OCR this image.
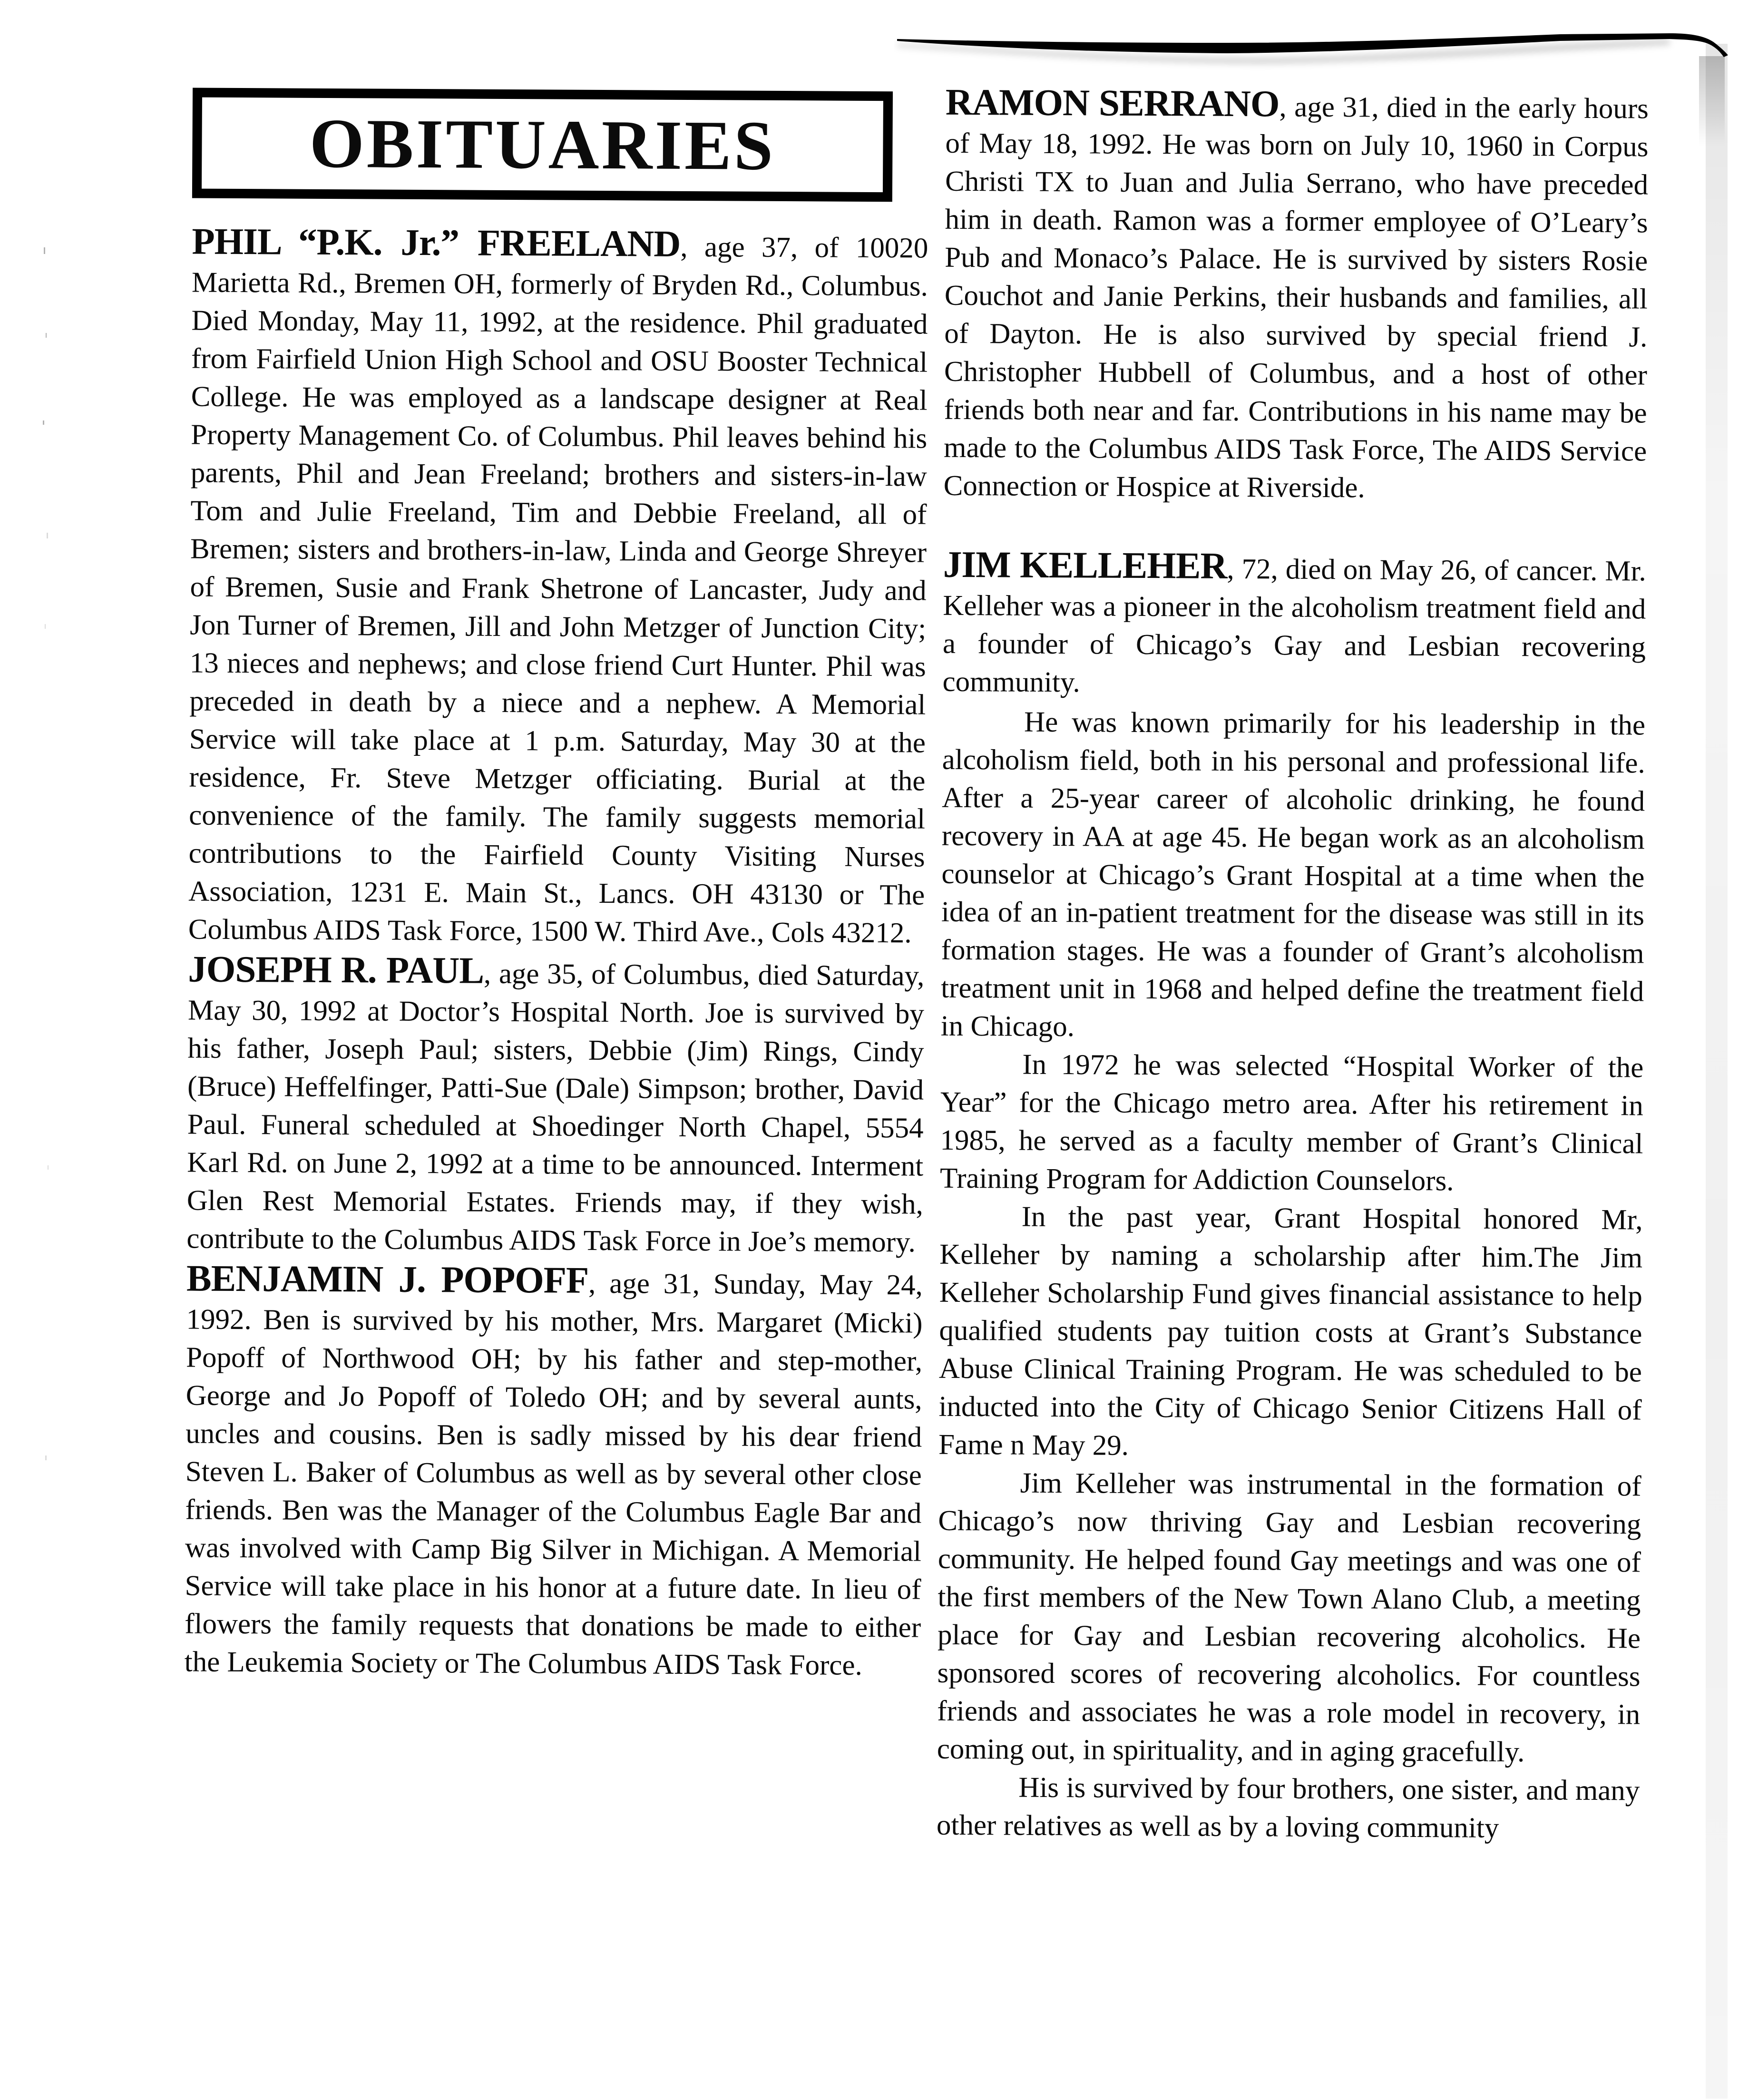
OBITUARIES

PHIL “P.K. Jr.” FREELAND, age 37, of 10020 Marietta Rd., Bremen OH, formerly of Bryden Rd., Columbus. Died Monday, May 11, 1992, at the residence. Phil graduated from Fairfield Union High School and OSU Booster Technical College. He was employed as a landscape designer at Real Property Management Co. of Columbus. Phil leaves behind his parents, Phil and Jean Freeland; brothers and sisters-in-law Tom and Julie Freeland, Tim and Debbie Freeland, all of Bremen; sisters and brothers-in-law, Linda and George Shreyer of Bremen, Susie and Frank Shetrone of Lancaster, Judy and Jon Turner of Bremen, Jill and John Metzger of Junction City; 13 nieces and nephews; and close friend Curt Hunter. Phil was preceded in death by a niece and a nephew. A Memorial Service will take place at 1 p.m. Saturday, May 30 at the residence, Fr. Steve Metzger officiating. Burial at the convenience of the family. The family suggests memorial contributions to the Fairfield County Visiting Nurses Association, 1231 E. Main St., Lancs. OH 43130 or The Columbus AIDS Task Force, 1500 W. Third Ave., Cols 43212.

JOSEPH R. PAUL, age 35, of Columbus, died Saturday, May 30, 1992 at Doctor’s Hospital North. Joe is survived by his father, Joseph Paul; sisters, Debbie (Jim) Rings, Cindy (Bruce) Heffelfinger, Patti-Sue (Dale) Simpson; brother, David Paul. Funeral scheduled at Shoedinger North Chapel, 5554 Karl Rd. on June 2, 1992 at a time to be announced. Interment Glen Rest Memorial Estates. Friends may, if they wish, contribute to the Columbus AIDS Task Force in Joe’s memory.

BENJAMIN J. POPOFF, age 31, Sunday, May 24, 1992. Ben is survived by his mother, Mrs. Margaret (Micki) Popoff of Northwood OH; by his father and step-mother, George and Jo Popoff of Toledo OH; and by several aunts, uncles and cousins. Ben is sadly missed by his dear friend Steven L. Baker of Columbus as well as by several other close friends. Ben was the Manager of the Columbus Eagle Bar and was involved with Camp Big Silver in Michigan. A Memorial Service will take place in his honor at a future date. In lieu of flowers the family requests that donations be made to either the Leukemia Society or The Columbus AIDS Task Force.

RAMON SERRANO, age 31, died in the early hours of May 18, 1992. He was born on July 10, 1960 in Corpus Christi TX to Juan and Julia Serrano, who have preceded him in death. Ramon was a former employee of O’Leary’s Pub and Monaco’s Palace. He is survived by sisters Rosie Couchot and Janie Perkins, their husbands and families, all of Dayton. He is also survived by special friend J. Christopher Hubbell of Columbus, and a host of other friends both near and far. Contributions in his name may be made to the Columbus AIDS Task Force, The AIDS Service Connection or Hospice at Riverside.

JIM KELLEHER, 72, died on May 26, of cancer. Mr. Kelleher was a pioneer in the alcoholism treatment field and a founder of Chicago’s Gay and Lesbian recovering community.

He was known primarily for his leadership in the alcoholism field, both in his personal and professional life. After a 25-year career of alcoholic drinking, he found recovery in AA at age 45. He began work as an alcoholism counselor at Chicago’s Grant Hospital at a time when the idea of an in-patient treatment for the disease was still in its formation stages. He was a founder of Grant’s alcoholism treatment unit in 1968 and helped define the treatment field in Chicago.

In 1972 he was selected “Hospital Worker of the Year” for the Chicago metro area. After his retirement in 1985, he served as a faculty member of Grant’s Clinical Training Program for Addiction Counselors.

In the past year, Grant Hospital honored Mr, Kelleher by naming a scholarship after him.The Jim Kelleher Scholarship Fund gives financial assistance to help qualified students pay tuition costs at Grant’s Substance Abuse Clinical Training Program. He was scheduled to be inducted into the City of Chicago Senior Citizens Hall of Fame n May 29.

Jim Kelleher was instrumental in the formation of Chicago’s now thriving Gay and Lesbian recovering community. He helped found Gay meetings and was one of the first members of the New Town Alano Club, a meeting place for Gay and Lesbian recovering alcoholics. He sponsored scores of recovering alcoholics. For countless friends and associates he was a role model in recovery, in coming out, in spirituality, and in aging gracefully.

His is survived by four brothers, one sister, and many other relatives as well as by a loving community
